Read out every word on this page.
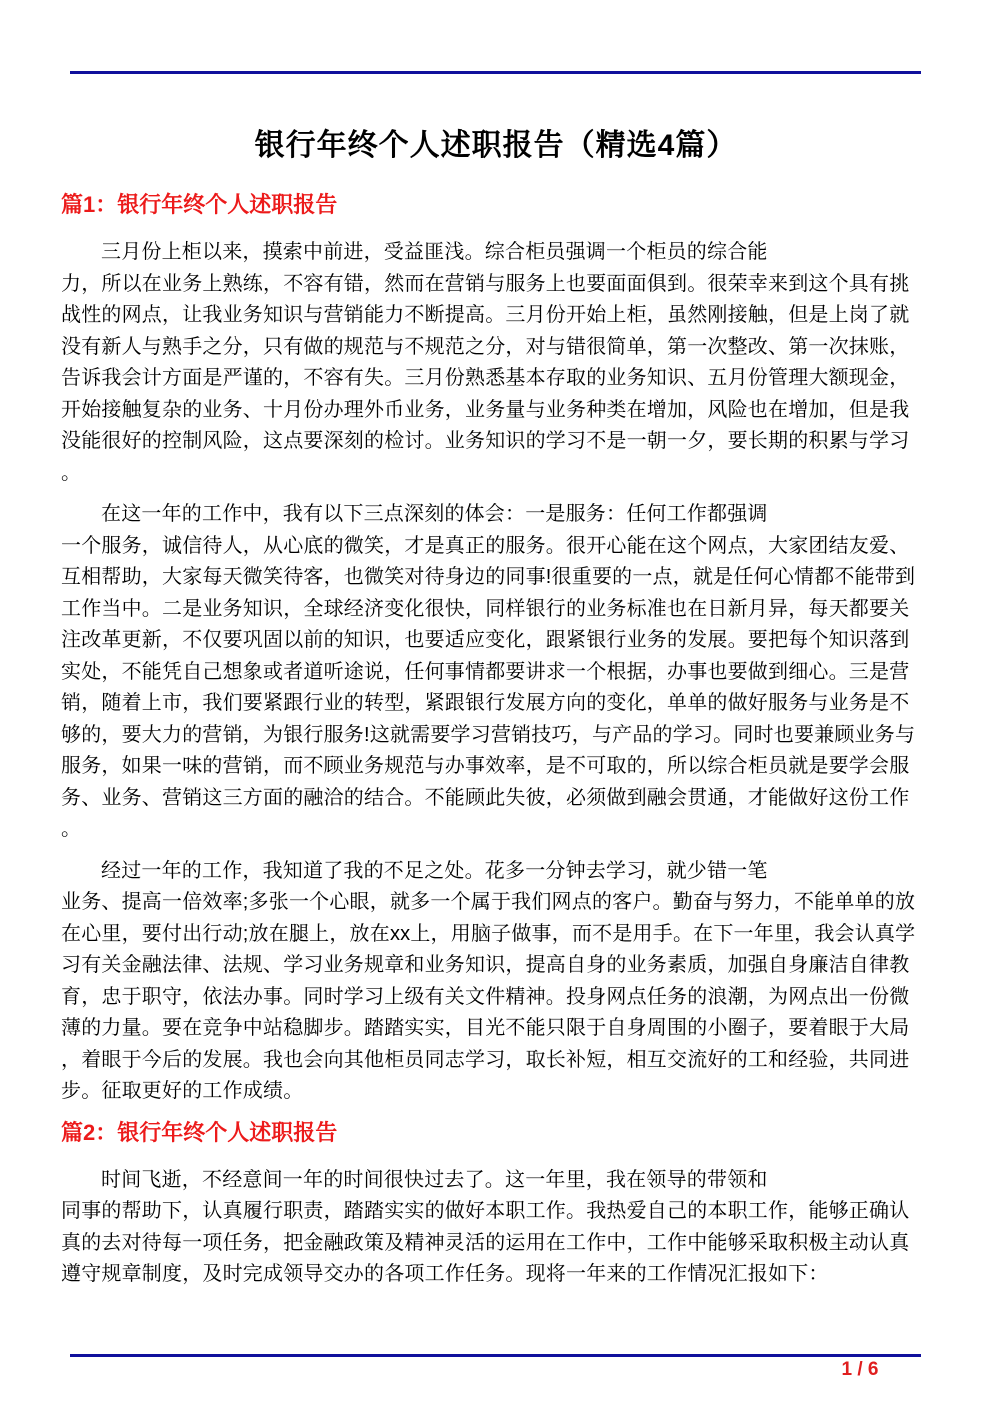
银行年终个人述职报告（精选4篇）
篇1：银行年终个人述职报告
三月份上柜以来，摸索中前进，受益匪浅。综合柜员强调一个柜员的综合能
力，所以在业务上熟练，不容有错，然而在营销与服务上也要面面俱到。很荣幸来到这个具有挑
战性的网点，让我业务知识与营销能力不断提高。三月份开始上柜，虽然刚接触，但是上岗了就
没有新人与熟手之分，只有做的规范与不规范之分，对与错很简单，第一次整改、第一次抹账，
告诉我会计方面是严谨的，不容有失。三月份熟悉基本存取的业务知识、五月份管理大额现金，
开始接触复杂的业务、十月份办理外币业务，业务量与业务种类在增加，风险也在增加，但是我
没能很好的控制风险，这点要深刻的检讨。业务知识的学习不是一朝一夕，要长期的积累与学习
。
在这一年的工作中，我有以下三点深刻的体会：一是服务：任何工作都强调
一个服务，诚信待人，从心底的微笑，才是真正的服务。很开心能在这个网点，大家团结友爱、
互相帮助，大家每天微笑待客，也微笑对待身边的同事!很重要的一点，就是任何心情都不能带到
工作当中。二是业务知识，全球经济变化很快，同样银行的业务标准也在日新月异，每天都要关
注改革更新，不仅要巩固以前的知识，也要适应变化，跟紧银行业务的发展。要把每个知识落到
实处，不能凭自己想象或者道听途说，任何事情都要讲求一个根据，办事也要做到细心。三是营
销，随着上市，我们要紧跟行业的转型，紧跟银行发展方向的变化，单单的做好服务与业务是不
够的，要大力的营销，为银行服务!这就需要学习营销技巧，与产品的学习。同时也要兼顾业务与
服务，如果一味的营销，而不顾业务规范与办事效率，是不可取的，所以综合柜员就是要学会服
务、业务、营销这三方面的融洽的结合。不能顾此失彼，必须做到融会贯通，才能做好这份工作
。
经过一年的工作，我知道了我的不足之处。花多一分钟去学习，就少错一笔
业务、提高一倍效率;多张一个心眼，就多一个属于我们网点的客户。勤奋与努力，不能单单的放
在心里，要付出行动;放在腿上，放在xx上，用脑子做事，而不是用手。在下一年里，我会认真学
习有关金融法律、法规、学习业务规章和业务知识，提高自身的业务素质，加强自身廉洁自律教
育，忠于职守，依法办事。同时学习上级有关文件精神。投身网点任务的浪潮，为网点出一份微
薄的力量。要在竞争中站稳脚步。踏踏实实，目光不能只限于自身周围的小圈子，要着眼于大局
，着眼于今后的发展。我也会向其他柜员同志学习，取长补短，相互交流好的工和经验，共同进
步。征取更好的工作成绩。
篇2：银行年终个人述职报告
时间飞逝，不经意间一年的时间很快过去了。这一年里，我在领导的带领和
同事的帮助下，认真履行职责，踏踏实实的做好本职工作。我热爱自己的本职工作，能够正确认
真的去对待每一项任务，把金融政策及精神灵活的运用在工作中，工作中能够采取积极主动认真
遵守规章制度，及时完成领导交办的各项工作任务。现将一年来的工作情况汇报如下：
1 / 6
